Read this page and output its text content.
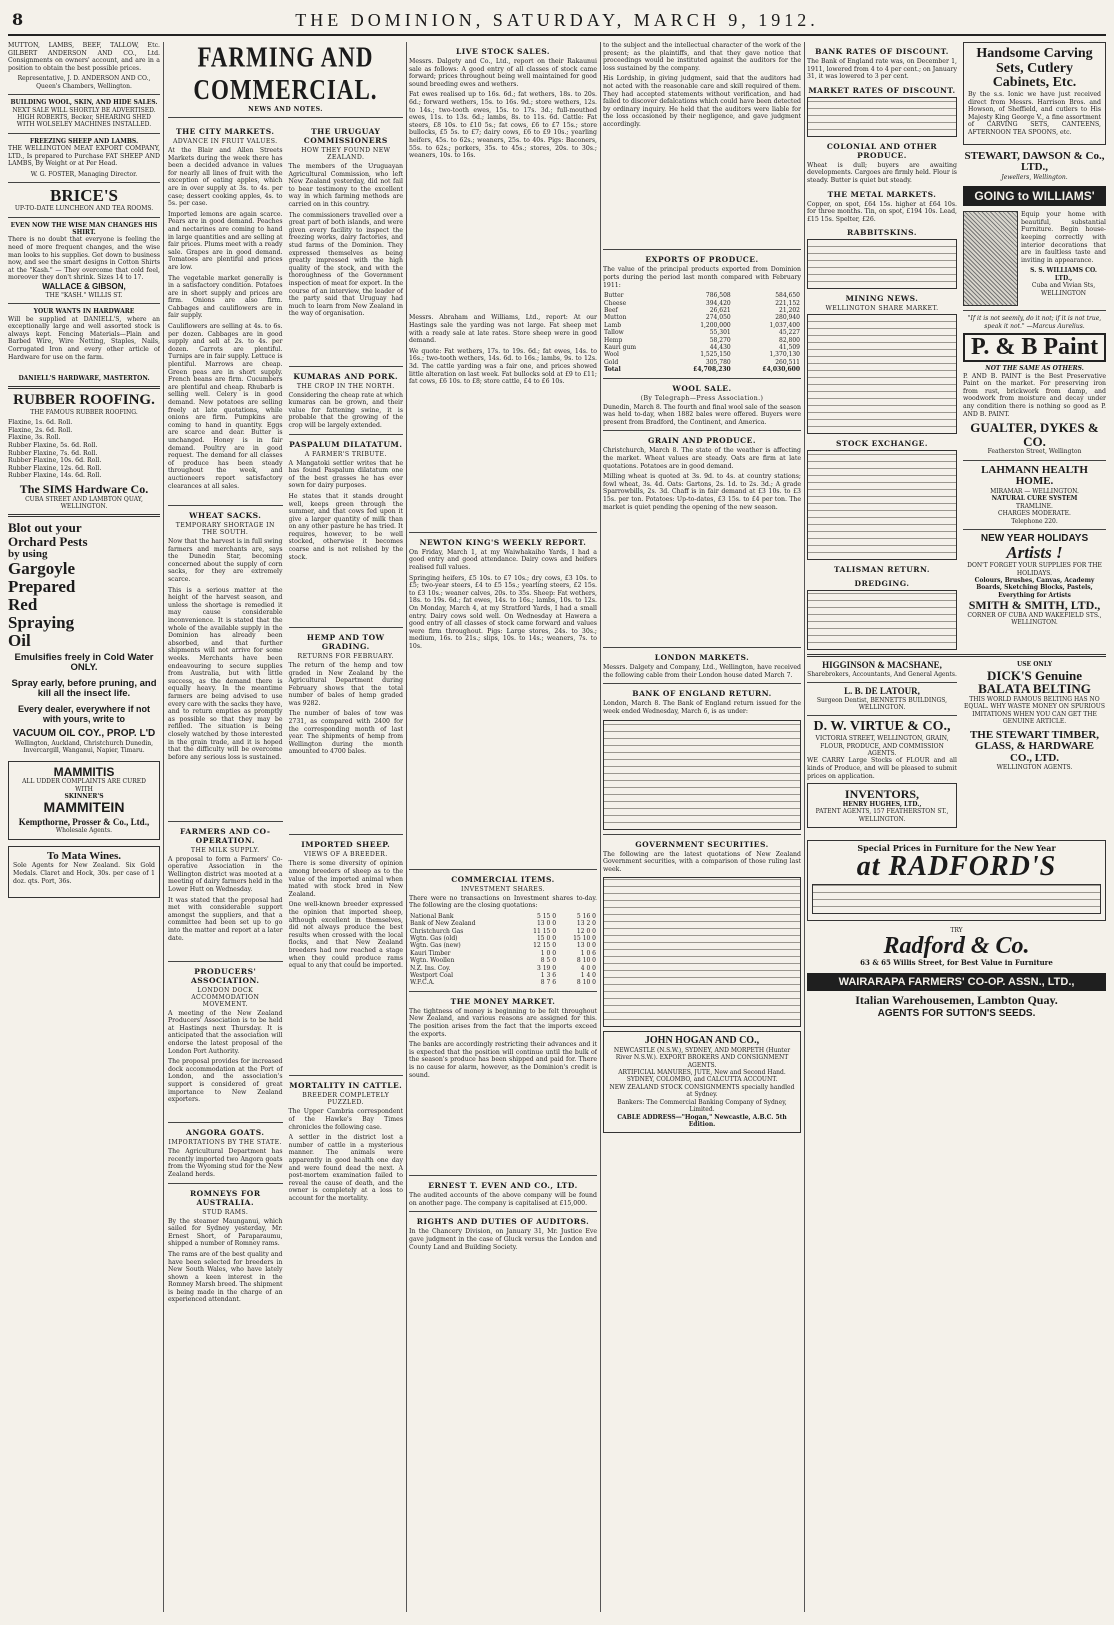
8	THE DOMINION, SATURDAY, MARCH 9, 1912.
MUTTON, LAMBS, BEEF, TALLOW, Etc. GILBERT ANDERSON AND CO., Ltd. Consignments on owners' account, and are in a position to obtain the best possible prices.
Representative, J. D. ANDERSON AND CO., Queen's Chambers, Wellington.
BUILDING WOOL, SKIN, AND HIDE SALES.
NEXT SALE WILL SHORTLY BE ADVERTISED.
HIGH ROBERTS, Becker, SHEARING SHED WITH WOLSELEY MACHINES INSTALLED.
FREEZING SHEEP AND LAMBS.
THE WELLINGTON MEAT EXPORT COMPANY, LTD., Is prepared to Purchase FAT SHEEP AND LAMBS, By Weight or at Per Head.
W. G. FOSTER, Managing Director.
BRICE'S
UP-TO-DATE LUNCHEON AND TEA ROOMS.
EVEN NOW THE WISE MAN CHANGES HIS SHIRT.
There is no doubt that everyone is feeling the need of more frequent changes, and the wise man looks to his supplies. Get down to business now, and see the smart designs in Cotton Shirts at the "Kash." — They overcome that cold feel, moreover they don't shrink. Sizes 14 to 17.
WALLACE & GIBSON,
THE "KASH." WILLIS ST.
YOUR WANTS IN HARDWARE
Will be supplied at DANIELL'S, where an exceptionally large and well assorted stock is always kept. Fencing Materials—Plain and Barbed Wire, Wire Netting, Staples, Nails, Corrugated Iron and every other article of Hardware for use on the farm.
DANIELL'S HARDWARE, MASTERTON.
RUBBER ROOFING.
THE FAMOUS RUBBER ROOFING.
Flaxine, 1s. 6d. Roll.
Flaxine, 2s. 6d. Roll.
Flaxine, 3s. Roll.
Rubber Flaxine, 5s. 6d. Roll.
Rubber Flaxine, 7s. 6d. Roll.
Rubber Flaxine, 10s. 6d. Roll.
Rubber Flaxine, 12s. 6d. Roll.
Rubber Flaxine, 14s. 6d. Roll.
The SIMS Hardware Co.
CUBA STREET AND LAMBTON QUAY, WELLINGTON.
Blot out your
Orchard Pests
by using
Gargoyle
Prepared
Red
Spraying
Oil
Emulsifies freely in Cold Water ONLY.
Spray early, before pruning, and kill all the insect life.
Every dealer, everywhere if not with yours, write to
VACUUM OIL COY., PROP. L'D
Wellington, Auckland, Christchurch Dunedin, Invercargill, Wanganui, Napier, Timaru.
MAMMITIS
ALL UDDER COMPLAINTS ARE CURED WITH
SKINNER'S
MAMMITEIN
Kempthorne, Prosser & Co., Ltd.,
Wholesale Agents.
To Mata Wines.
Sole Agents for New Zealand. Six Gold Medals. Claret and Hock, 30s. per case of 1 doz. qts. Port, 36s.
FARMING AND COMMERCIAL.
NEWS AND NOTES.
THE CITY MARKETS.
ADVANCE IN FRUIT VALUES.
At the Blair and Allen Streets Markets during the week there has been a decided advance in values for nearly all lines of fruit with the exception of eating apples, which are in over supply at 3s. to 4s. per case; dessert cooking apples, 4s. to 5s. per case.
Imported lemons are again scarce. Pears are in good demand. Peaches and nectarines are coming to hand in large quantities and are selling at fair prices. Plums meet with a ready sale. Grapes are in good demand. Tomatoes are plentiful and prices are low.
The vegetable market generally is in a satisfactory condition. Potatoes are in short supply and prices are firm. Onions are also firm. Cabbages and cauliflowers are in fair supply.
Cauliflowers are selling at 4s. to 6s. per dozen. Cabbages are in good supply and sell at 2s. to 4s. per dozen. Carrots are plentiful. Turnips are in fair supply. Lettuce is plentiful. Marrows are cheap. Green peas are in short supply. French beans are firm. Cucumbers are plentiful and cheap. Rhubarb is selling well. Celery is in good demand. New potatoes are selling freely at late quotations, while onions are firm. Pumpkins are coming to hand in quantity. Eggs are scarce and dear. Butter is unchanged. Honey is in fair demand. Poultry are in good request. The demand for all classes of produce has been steady throughout the week, and auctioneers report satisfactory clearances at all sales.
WHEAT SACKS.
TEMPORARY SHORTAGE IN THE SOUTH.
Now that the harvest is in full swing farmers and merchants are, says the Dunedin Star, becoming concerned about the supply of corn sacks, for they are extremely scarce.
This is a serious matter at the height of the harvest season, and unless the shortage is remedied it may cause considerable inconvenience. It is stated that the whole of the available supply in the Dominion has already been absorbed, and that further shipments will not arrive for some weeks. Merchants have been endeavouring to secure supplies from Australia, but with little success, as the demand there is equally heavy. In the meantime farmers are being advised to use every care with the sacks they have, and to return empties as promptly as possible so that they may be refilled. The situation is being closely watched by those interested in the grain trade, and it is hoped that the difficulty will be overcome before any serious loss is sustained.
FARMERS AND CO-OPERATION.
THE MILK SUPPLY.
A proposal to form a Farmers' Co-operative Association in the Wellington district was mooted at a meeting of dairy farmers held in the Lower Hutt on Wednesday.
It was stated that the proposal had met with considerable support amongst the suppliers, and that a committee had been set up to go into the matter and report at a later date.
PRODUCERS' ASSOCIATION.
LONDON DOCK ACCOMMODATION MOVEMENT.
A meeting of the New Zealand Producers' Association is to be held at Hastings next Thursday. It is anticipated that the association will endorse the latest proposal of the London Port Authority.
The proposal provides for increased dock accommodation at the Port of London, and the association's support is considered of great importance to New Zealand exporters.
ANGORA GOATS.
IMPORTATIONS BY THE STATE.
The Agricultural Department has recently imported two Angora goats from the Wyoming stud for the New Zealand herds.
ROMNEYS FOR AUSTRALIA.
STUD RAMS.
By the steamer Maunganui, which sailed for Sydney yesterday, Mr. Ernest Short, of Paraparaumu, shipped a number of Romney rams.
The rams are of the best quality and have been selected for breeders in New South Wales, who have lately shown a keen interest in the Romney Marsh breed. The shipment is being made in the charge of an experienced attendant.
THE URUGUAY COMMISSIONERS
HOW THEY FOUND NEW ZEALAND.
The members of the Uruguayan Agricultural Commission, who left New Zealand yesterday, did not fail to bear testimony to the excellent way in which farming methods are carried on in this country.
The commissioners travelled over a great part of both islands, and were given every facility to inspect the freezing works, dairy factories, and stud farms of the Dominion. They expressed themselves as being greatly impressed with the high quality of the stock, and with the thoroughness of the Government inspection of meat for export. In the course of an interview, the leader of the party said that Uruguay had much to learn from New Zealand in the way of organisation.
KUMARAS AND PORK.
THE CROP IN THE NORTH.
Considering the cheap rate at which kumaras can be grown, and their value for fattening swine, it is probable that the growing of the crop will be largely extended.
PASPALUM DILATATUM.
A FARMER'S TRIBUTE.
A Mangatoki settler writes that he has found Paspalum dilatatum one of the best grasses he has ever sown for dairy purposes.
He states that it stands drought well, keeps green through the summer, and that cows fed upon it give a larger quantity of milk than on any other pasture he has tried. It requires, however, to be well stocked, otherwise it becomes coarse and is not relished by the stock.
HEMP AND TOW GRADING.
RETURNS FOR FEBRUARY.
The return of the hemp and tow graded in New Zealand by the Agricultural Department during February shows that the total number of bales of hemp graded was 9282.
The number of bales of tow was 2731, as compared with 2400 for the corresponding month of last year. The shipments of hemp from Wellington during the month amounted to 4700 bales.
IMPORTED SHEEP.
VIEWS OF A BREEDER.
There is some diversity of opinion among breeders of sheep as to the value of the imported animal when mated with stock bred in New Zealand.
One well-known breeder expressed the opinion that imported sheep, although excellent in themselves, did not always produce the best results when crossed with the local flocks, and that New Zealand breeders had now reached a stage when they could produce rams equal to any that could be imported.
MORTALITY IN CATTLE.
BREEDER COMPLETELY PUZZLED.
The Upper Cambria correspondent of the Hawke's Bay Times chronicles the following case.
A settler in the district lost a number of cattle in a mysterious manner. The animals were apparently in good health one day and were found dead the next. A post-mortem examination failed to reveal the cause of death, and the owner is completely at a loss to account for the mortality.
LIVE STOCK SALES.
Messrs. Dalgety and Co., Ltd., report on their Rakaunui sale as follows: A good entry of all classes of stock came forward; prices throughout being well maintained for good sound breeding ewes and wethers.
Fat ewes realised up to 16s. 6d.; fat wethers, 18s. to 20s. 6d.; forward wethers, 15s. to 16s. 9d.; store wethers, 12s. to 14s.; two-tooth ewes, 15s. to 17s. 3d.; full-mouthed ewes, 11s. to 13s. 6d.; lambs, 8s. to 11s. 6d. Cattle: Fat steers, £8 10s. to £10 5s.; fat cows, £6 to £7 15s.; store bullocks, £5 5s. to £7; dairy cows, £6 to £9 10s.; yearling heifers, 45s. to 62s.; weaners, 25s. to 40s. Pigs: Baconers, 55s. to 62s.; porkers, 35s. to 45s.; stores, 20s. to 30s.; weaners, 10s. to 16s.
Messrs. Abraham and Williams, Ltd., report: At our Hastings sale the yarding was not large. Fat sheep met with a ready sale at late rates. Store sheep were in good demand.
We quote: Fat wethers, 17s. to 19s. 6d.; fat ewes, 14s. to 16s.; two-tooth wethers, 14s. 6d. to 16s.; lambs, 9s. to 12s. 3d. The cattle yarding was a fair one, and prices showed little alteration on last week. Fat bullocks sold at £9 to £11; fat cows, £6 10s. to £8; store cattle, £4 to £6 10s.
NEWTON KING'S WEEKLY REPORT.
On Friday, March 1, at my Waiwhakaiho Yards, I had a good entry and good attendance. Dairy cows and heifers realised full values.
Springing heifers, £5 10s. to £7 10s.; dry cows, £3 10s. to £5; two-year steers, £4 to £5 15s.; yearling steers, £2 15s. to £3 10s.; weaner calves, 20s. to 35s. Sheep: Fat wethers, 18s. to 19s. 6d.; fat ewes, 14s. to 16s.; lambs, 10s. to 12s. On Monday, March 4, at my Stratford Yards, I had a small entry. Dairy cows sold well. On Wednesday at Hawera a good entry of all classes of stock came forward and values were firm throughout. Pigs: Large stores, 24s. to 30s.; medium, 16s. to 21s.; slips, 10s. to 14s.; weaners, 7s. to 10s.
COMMERCIAL ITEMS.
INVESTMENT SHARES.
There were no transactions on Investment shares to-day. The following are the closing quotations:
National Bank	5 15 0	5 16 0
Bank of New Zealand	13 0 0	13 2 0
Christchurch Gas	11 15 0	12 0 0
Wgtn. Gas (old)	15 0 0	15 10 0
Wgtn. Gas (new)	12 15 0	13 0 0
Kauri Timber	1 0 0	1 0 6
Wgtn. Woollen	8 5 0	8 10 0
N.Z. Ins. Coy.	3 19 0	4 0 0
Westport Coal	1 3 6	1 4 0
W.F.C.A.	8 7 6	8 10 0
THE MONEY MARKET.
The tightness of money is beginning to be felt throughout New Zealand, and various reasons are assigned for this. The position arises from the fact that the imports exceed the exports.
The banks are accordingly restricting their advances and it is expected that the position will continue until the bulk of the season's produce has been shipped and paid for. There is no cause for alarm, however, as the Dominion's credit is sound.
ERNEST T. EVEN AND CO., LTD.
The audited accounts of the above company will be found on another page. The company is capitalised at £15,000.
RIGHTS AND DUTIES OF AUDITORS.
In the Chancery Division, on January 31, Mr. Justice Eve gave judgment in the case of Gluck versus the London and County Land and Building Society.
to the subject and the intellectual character of the work of the present; as the plaintiffs, and that they gave notice that proceedings would be instituted against the auditors for the loss sustained by the company.
His Lordship, in giving judgment, said that the auditors had not acted with the reasonable care and skill required of them. They had accepted statements without verification, and had failed to discover defalcations which could have been detected by ordinary inquiry. He held that the auditors were liable for the loss occasioned by their negligence, and gave judgment accordingly.
EXPORTS OF PRODUCE.
The value of the principal products exported from Dominion ports during the period last month compared with February 1911:
Butter	786,508	584,650
Cheese	394,420	221,152
Beef	26,621	21,202
Mutton	274,050	280,940
Lamb	1,200,000	1,037,400
Tallow	55,301	45,227
Hemp	58,270	82,800
Kauri gum	44,430	41,509
Wool	1,525,150	1,370,130
Gold	305,780	260,511
Total	£4,708,230	£4,030,600
WOOL SALE.
(By Telegraph—Press Association.)
Dunedin, March 8. The fourth and final wool sale of the season was held to-day, when 1882 bales were offered. Buyers were present from Bradford, the Continent, and America.
GRAIN AND PRODUCE.
Christchurch, March 8. The state of the weather is affecting the market. Wheat values are steady. Oats are firm at late quotations. Potatoes are in good demand.
Milling wheat is quoted at 3s. 9d. to 4s. at country stations; fowl wheat, 3s. 4d. Oats: Gartons, 2s. 1d. to 2s. 3d.; A grade Sparrowbills, 2s. 3d. Chaff is in fair demand at £3 10s. to £3 15s. per ton. Potatoes: Up-to-dates, £3 15s. to £4 per ton. The market is quiet pending the opening of the new season.
LONDON MARKETS.
Messrs. Dalgety and Company, Ltd., Wellington, have received the following cable from their London house dated March 7.
BANK OF ENGLAND RETURN.
London, March 8. The Bank of England return issued for the week ended Wednesday, March 6, is as under:
GOVERNMENT SECURITIES.
The following are the latest quotations of New Zealand Government securities, with a comparison of those ruling last week.
JOHN HOGAN AND CO.,
NEWCASTLE (N.S.W.), SYDNEY, AND MORPETH (Hunter River N.S.W.). EXPORT BROKERS AND CONSIGNMENT AGENTS.
ARTIFICIAL MANURES, JUTE, New and Second Hand.
SYDNEY, COLOMBO, and CALCUTTA ACCOUNT.
NEW ZEALAND STOCK CONSIGNMENTS specially handled at Sydney.
Bankers: The Commercial Banking Company of Sydney, Limited.
CABLE ADDRESS—"Hogan," Newcastle, A.B.C. 5th Edition.
BANK RATES OF DISCOUNT.
The Bank of England rate was, on December 1, 1911, lowered from 4 to 4 per cent.; on January 31, it was lowered to 3 per cent.
MARKET RATES OF DISCOUNT.
COLONIAL AND OTHER PRODUCE.
Wheat is dull; buyers are awaiting developments. Cargoes are firmly held. Flour is steady. Butter is quiet but steady.
THE METAL MARKETS.
Copper, on spot, £64 15s. higher at £64 10s. for three months. Tin, on spot, £194 10s. Lead, £15 15s. Spelter, £26.
RABBITSKINS.
MINING NEWS.
WELLINGTON SHARE MARKET.
STOCK EXCHANGE.
TALISMAN RETURN.
DREDGING.
Handsome Carving Sets, Cutlery Cabinets, Etc.
By the s.s. Ionic we have just received direct from Messrs. Harrison Bros. and Howson, of Sheffield, and cutlers to His Majesty King George V., a fine assortment of CARVING SETS, CANTEENS, AFTERNOON TEA SPOONS, etc.
STEWART, DAWSON & Co., LTD.,
Jewellers, Wellington.
GOING to WILLIAMS'
Equip your home with beautiful, substantial Furniture. Begin house-keeping correctly with interior decorations that are in faultless taste and inviting in appearance.
S. S. WILLIAMS CO. LTD.,
Cuba and Vivian Sts, WELLINGTON
"If it is not seemly, do it not; if it is not true, speak it not." —Marcus Aurelius.
P. & B Paint
NOT THE SAME AS OTHERS.
P. AND B. PAINT is the Best Preservative Paint on the market. For preserving iron from rust, brickwork from damp, and woodwork from moisture and decay under any condition there is nothing so good as P. AND B. PAINT.
GUALTER, DYKES & CO.
Featherston Street, Wellington
LAHMANN HEALTH HOME.
MIRAMAR — WELLINGTON.
NATURAL CURE SYSTEM
TRAMLINE.
CHARGES MODERATE.
Telephone 220.
NEW YEAR HOLIDAYS
Artists !
DON'T FORGET YOUR SUPPLIES FOR THE HOLIDAYS.
Colours, Brushes, Canvas, Academy Boards, Sketching Blocks, Pastels, Everything for Artists
SMITH & SMITH, LTD.,
CORNER OF CUBA AND WAKEFIELD STS., WELLINGTON.
HIGGINSON & MACSHANE,
Sharebrokers, Accountants, And General Agents.
L. B. DE LATOUR,
Surgeon Dentist, BENNETTS BUILDINGS, WELLINGTON.
D. W. VIRTUE & CO.,
VICTORIA STREET, WELLINGTON, GRAIN, FLOUR, PRODUCE, AND COMMISSION AGENTS.
WE CARRY Large Stocks of FLOUR and all kinds of Produce, and will be pleased to submit prices on application.
INVENTORS,
HENRY HUGHES, LTD.,
PATENT AGENTS, 157 FEATHERSTON ST., WELLINGTON.
USE ONLY
DICK'S Genuine BALATA BELTING
THIS WORLD FAMOUS BELTING HAS NO EQUAL. WHY WASTE MONEY ON SPURIOUS IMITATIONS WHEN YOU CAN GET THE GENUINE ARTICLE.
THE STEWART TIMBER, GLASS, & HARDWARE CO., LTD.
WELLINGTON AGENTS.
Special Prices in Furniture for the New Year
at RADFORD'S
TRY
Radford & Co.
63 & 65 Willis Street, for Best Value in Furniture
WAIRARAPA FARMERS' CO-OP. ASSN., LTD.,
Italian Warehousemen, Lambton Quay.
AGENTS FOR SUTTON'S SEEDS.
